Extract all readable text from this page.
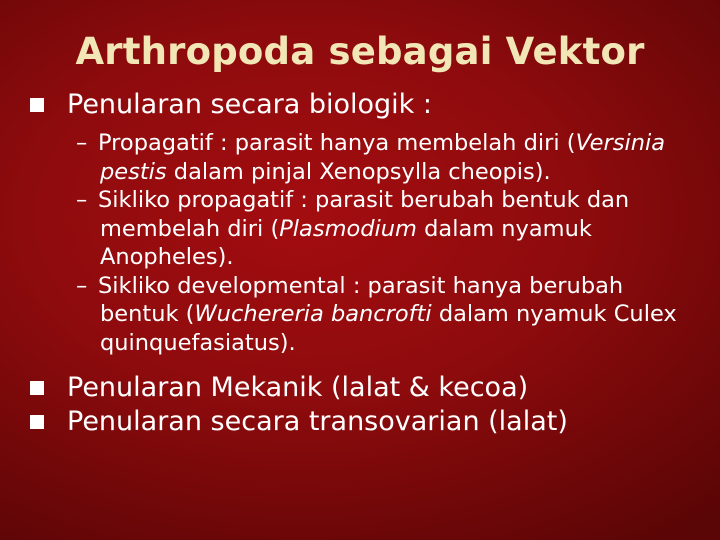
Arthropoda sebagai Vektor
Penularan secara biologik :

– Propagatif : parasit hanya membelah diri (Versinia pestis dalam pinjal Xenopsylla cheopis).

– Sikliko propagatif : parasit berubah bentuk dan membelah diri (Plasmodium dalam nyamuk Anopheles).

– Sikliko developmental : parasit hanya berubah bentuk (Wuchereria bancrofti dalam nyamuk Culex quinquefasiatus).

Penularan Mekanik (lalat & kecoa)
Penularan secara transovarian (lalat)
